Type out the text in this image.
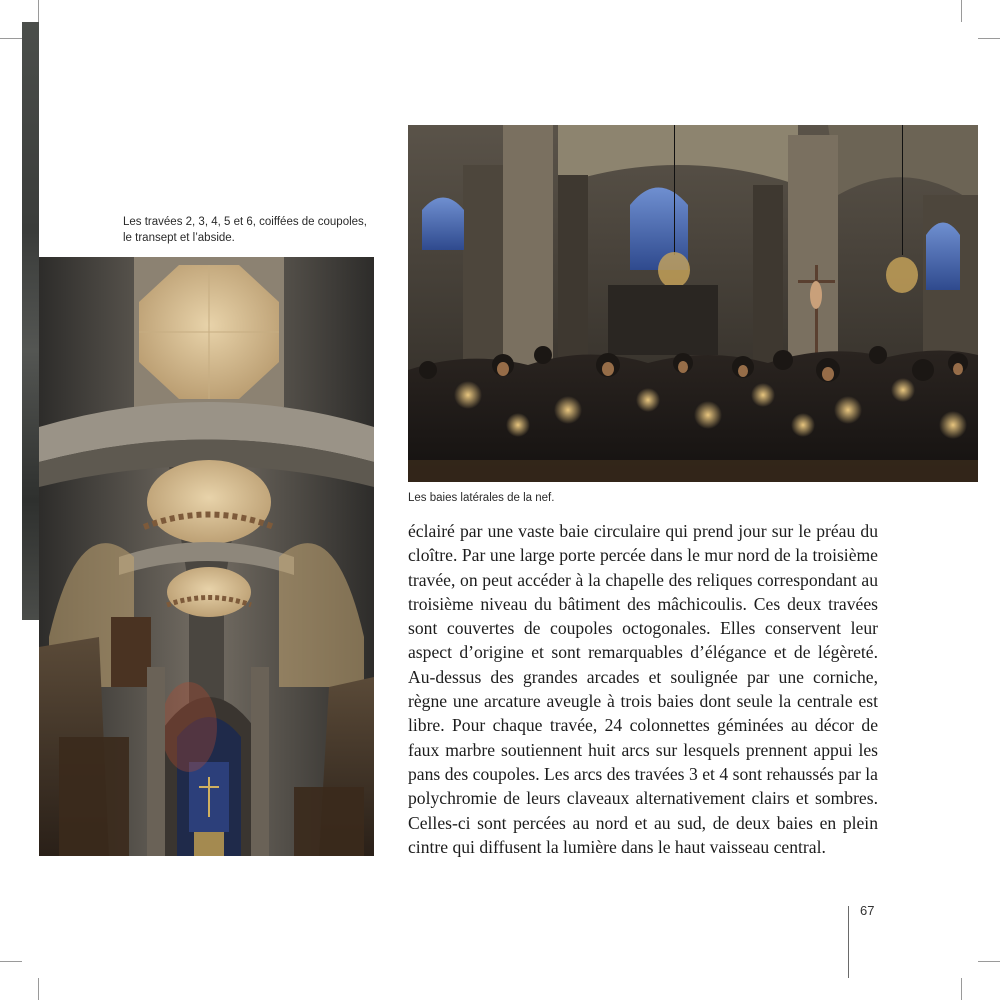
Les travées 2, 3, 4, 5 et 6, coiffées de coupoles,
le transept et l’abside.
Les baies latérales de la nef.
éclairé par une vaste baie circulaire qui prend jour sur le préau du
cloître. Par une large porte percée dans le mur nord de la troisième
travée, on peut accéder à la chapelle des reliques correspondant au
troisième niveau du bâtiment des mâchicoulis. Ces deux travées
sont couvertes de coupoles octogonales. Elles conservent leur
aspect d’origine et sont remarquables d’élégance et de légèreté.
Au-dessus des grandes arcades et soulignée par une corniche,
règne une arcature aveugle à trois baies dont seule la centrale est
libre. Pour chaque travée, 24 colonnettes géminées au décor de
faux marbre soutiennent huit arcs sur lesquels prennent appui les
pans des coupoles. Les arcs des travées 3 et 4 sont rehaussés par la
polychromie de leurs claveaux alternativement clairs et sombres.
Celles-ci sont percées au nord et au sud, de deux baies en plein
cintre qui diffusent la lumière dans le haut vaisseau central.
67
